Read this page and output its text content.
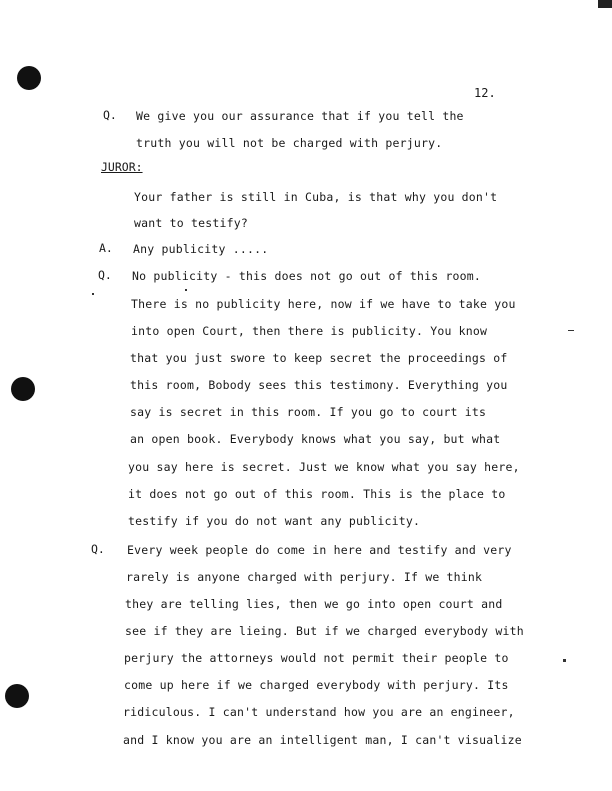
12.
Q. We give you our assurance that if you tell the
truth you will not be charged with perjury.
JUROR:
Your father is still in Cuba, is that why you don't
want to testify?
A. Any publicity .....
Q. No publicity - this does not go out of this room.
There is no publicity here, now if we have to take you
into open Court, then there is publicity. You know
that you just swore to keep secret the proceedings of
this room, Bobody sees this testimony. Everything you
say is secret in this room. If you go to court its
an open book. Everybody knows what you say, but what
you say here is secret. Just we know what you say here,
it does not go out of this room. This is the place to
testify if you do not want any publicity.
Q. Every week people do come in here and testify and very
rarely is anyone charged with perjury. If we think
they are telling lies, then we go into open court and
see if they are lieing. But if we charged everybody with
perjury the attorneys would not permit their people to
come up here if we charged everybody with perjury. Its
ridiculous. I can't understand how you are an engineer,
and I know you are an intelligent man, I can't visualize
